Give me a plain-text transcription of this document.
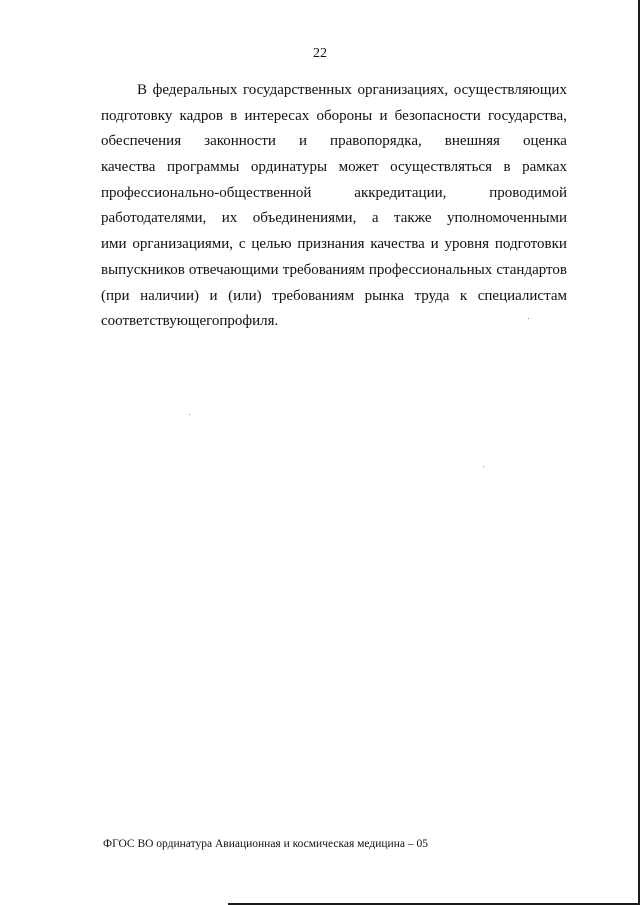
22
В федеральных государственных организациях, осуществляющих
подготовку кадров в интересах обороны и безопасности государства,
обеспечения законности и правопорядка, внешняя оценка
качества программы ординатуры может осуществляться в рамках
профессионально-общественной	аккредитации,	проводимой
работодателями, их объединениями, а также уполномоченными
ими организациями, с целью признания качества и уровня подготовки
выпускников отвечающими требованиям профессиональных стандартов
(при наличии) и (или) требованиям рынка труда к специалистам
соответствующего профиля.
ФГОС ВО ординатура Авиационная и космическая медицина – 05
